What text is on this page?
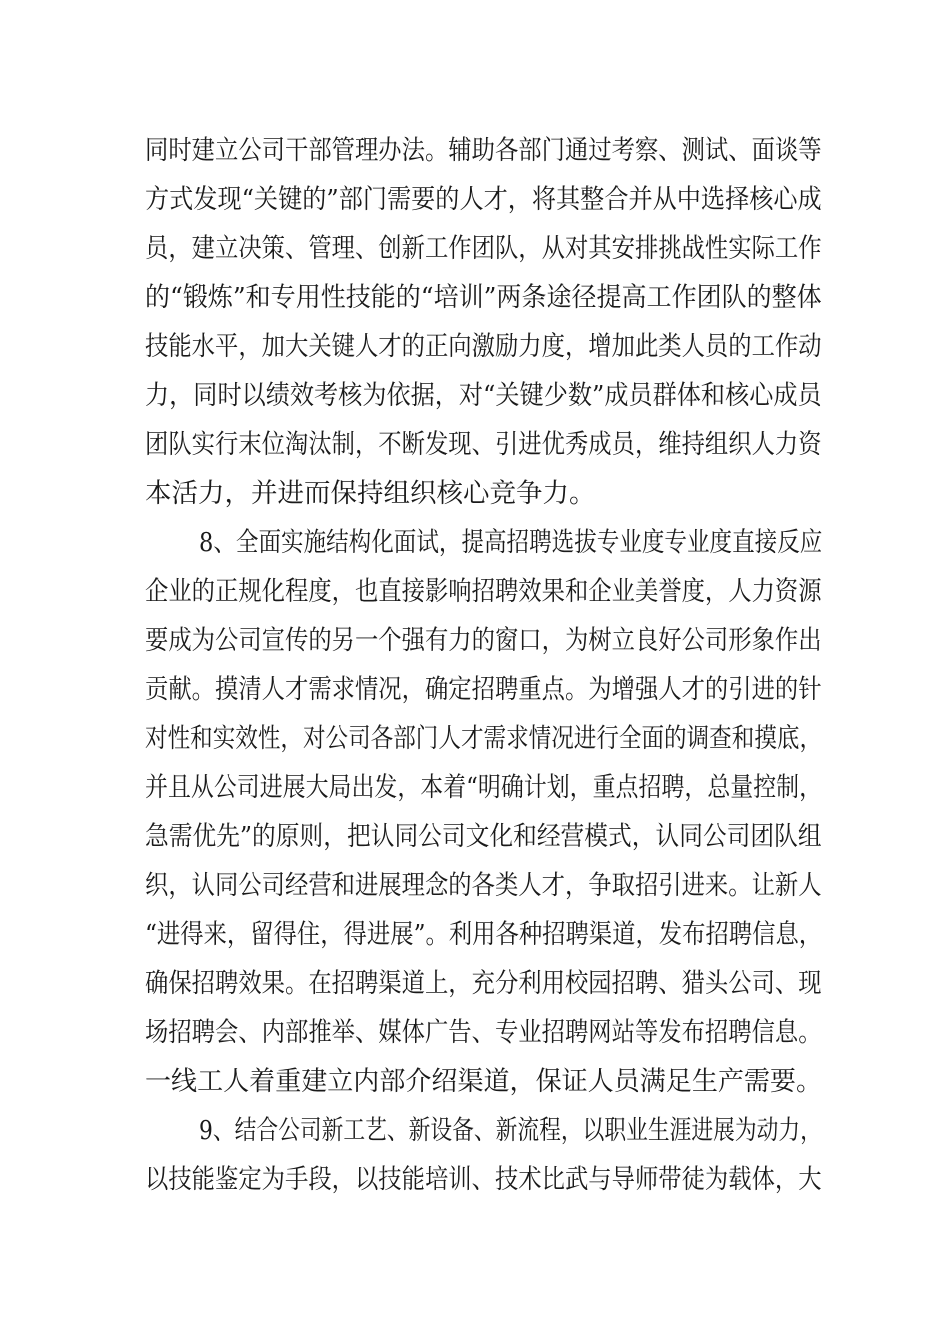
同时建立公司干部管理办法。辅助各部门通过考察、测试、面谈等
方式发现“关键的”部门需要的人才，将其整合并从中选择核心成
员，建立决策、管理、创新工作团队，从对其安排挑战性实际工作
的“锻炼”和专用性技能的“培训”两条途径提高工作团队的整体
技能水平，加大关键人才的正向激励力度，增加此类人员的工作动
力，同时以绩效考核为依据，对“关键少数”成员群体和核心成员
团队实行末位淘汰制，不断发现、引进优秀成员，维持组织人力资
本活力，并进而保持组织核心竞争力。
8、全面实施结构化面试，提高招聘选拔专业度专业度直接反应
企业的正规化程度，也直接影响招聘效果和企业美誉度，人力资源
要成为公司宣传的另一个强有力的窗口，为树立良好公司形象作出
贡献。摸清人才需求情况，确定招聘重点。为增强人才的引进的针
对性和实效性，对公司各部门人才需求情况进行全面的调查和摸底，
并且从公司进展大局出发，本着“明确计划，重点招聘，总量控制，
急需优先”的原则，把认同公司文化和经营模式，认同公司团队组
织，认同公司经营和进展理念的各类人才，争取招引进来。让新人
“进得来，留得住，得进展”。利用各种招聘渠道，发布招聘信息，
确保招聘效果。在招聘渠道上，充分利用校园招聘、猎头公司、现
场招聘会、内部推举、媒体广告、专业招聘网站等发布招聘信息。
一线工人着重建立内部介绍渠道，保证人员满足生产需要。
9、结合公司新工艺、新设备、新流程，以职业生涯进展为动力，
以技能鉴定为手段，以技能培训、技术比武与导师带徒为载体，大
